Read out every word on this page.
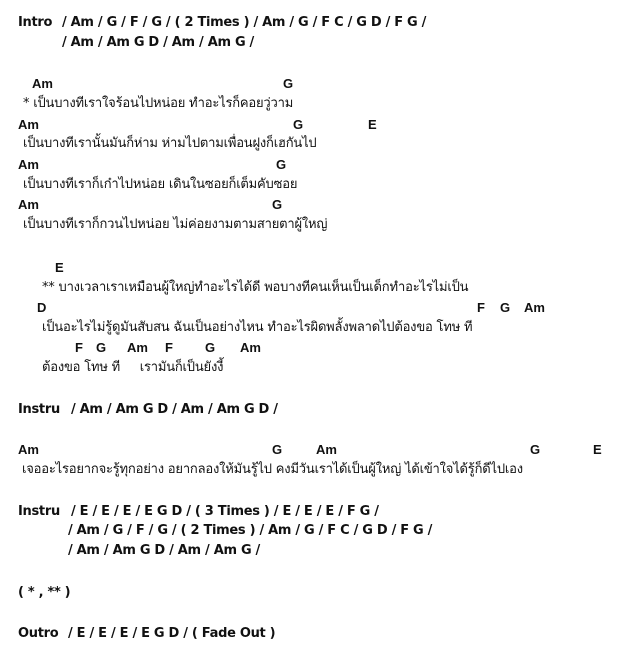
Intro / Am / G / F / G / ( 2 Times ) / Am / G / F C / G D / F G /
/ Am / Am G D / Am / Am G /
Am	G
* เป็นบางทีเราใจร้อนไปหน่อย ทำอะไรก็คอยวู่วาม
Am	G	E
เป็นบางทีเรานั้นมันก็ห่าม ห่ามไปตามเพื่อนฝูงก็เฮกันไป
Am	G
เป็นบางทีเราก็เก๋าไปหน่อย เดินในซอยก็เต็มคับซอย
Am	G
เป็นบางทีเราก็กวนไปหน่อย ไม่ค่อยงามตามสายตาผู้ใหญ่
E
** บางเวลาเราเหมือนผู้ใหญ่ทำอะไรได้ดี พอบางทีคนเห็นเป็นเด็กทำอะไรไม่เป็น
D	F G Am
เป็นอะไรไม่รู้ดูมันสับสน ฉันเป็นอย่างไหน ทำอะไรผิดพลั้งพลาดไปต้องขอ โทษ ที
F G Am F G Am
ต้องขอ โทษ ที     เรามันก็เป็นยังงี้
Instru / Am / Am G D / Am / Am G D /
Am	G	Am	G	E
เจออะไรอยากจะรู้ทุกอย่าง อยากลองให้มันรู้ไป คงมีวันเราได้เป็นผู้ใหญ่ ได้เข้าใจได้รู้ก็ดีไปเอง
Instru / E / E / E / E G D / ( 3 Times ) / E / E / E / F G /
/ Am / G / F / G / ( 2 Times ) / Am / G / F C / G D / F G /
/ Am / Am G D / Am / Am G /
( * , ** )
Outro / E / E / E / E G D / ( Fade Out )
